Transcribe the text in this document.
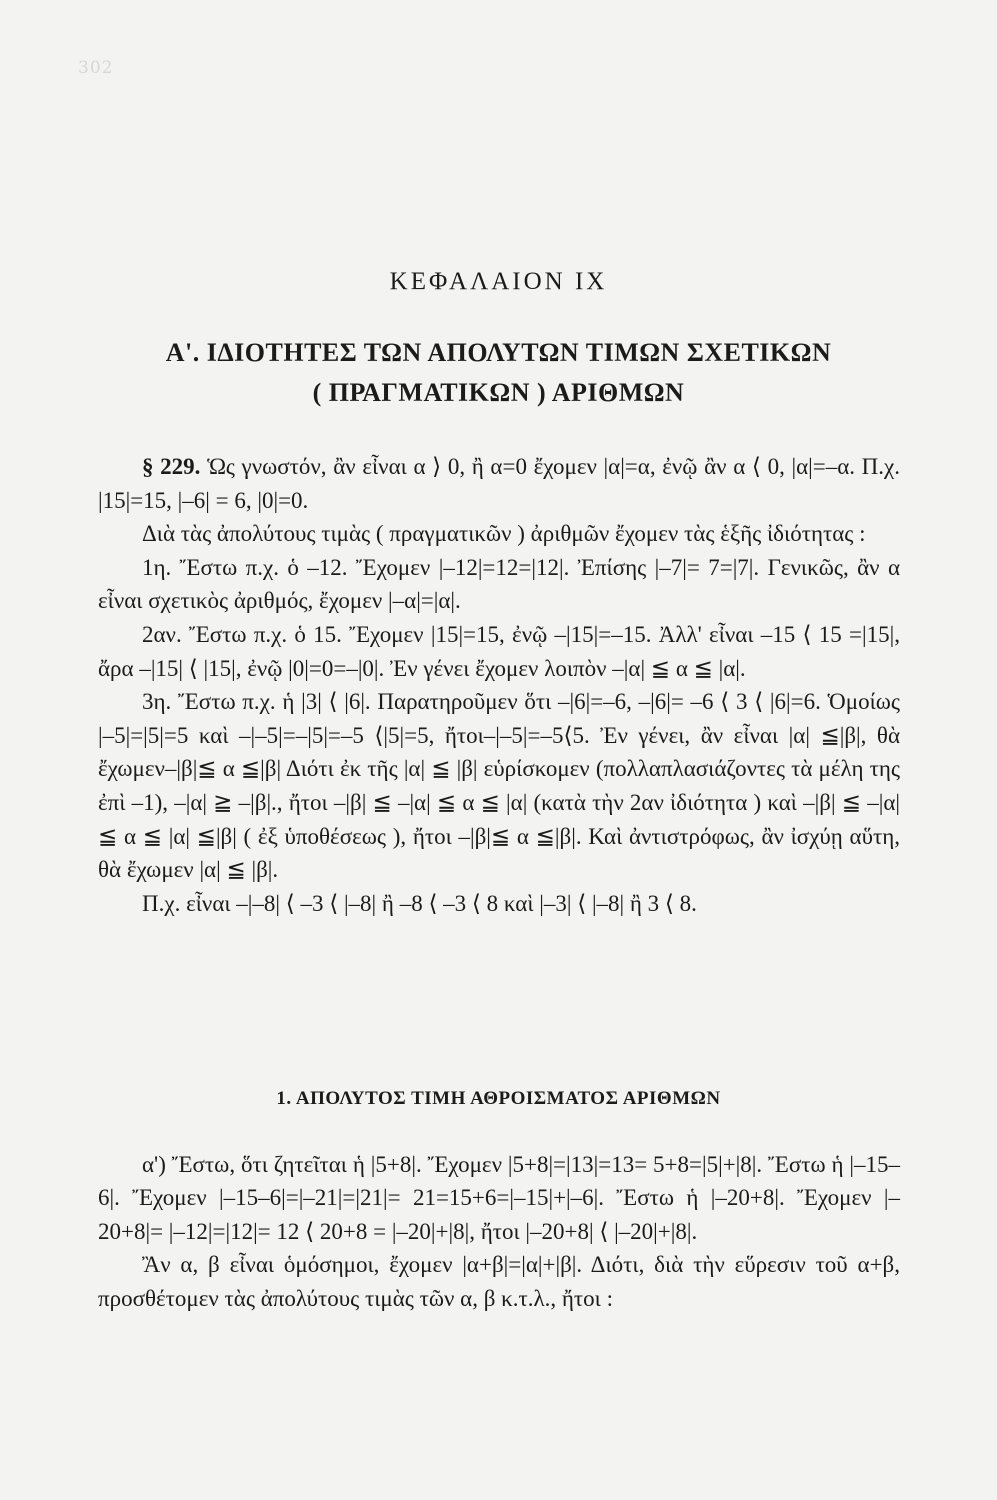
302
ΚΕΦΑΛΑΙΟΝ ΙΧ
Α'. ΙΔΙΟΤΗΤΕΣ ΤΩΝ ΑΠΟΛΥΤΩΝ ΤΙΜΩΝ ΣΧΕΤΙΚΩΝ
( ΠΡΑΓΜΑΤΙΚΩΝ ) ΑΡΙΘΜΩΝ

§ 229. Ὡς γνωστόν, ἂν εἶναι α ⟩ 0, ἢ α=0 ἔχομεν |α|=α, ἐνῷ ἂν α ⟨ 0, |α|=–α. Π.χ. |15|=15, |–6| = 6, |0|=0.

Διὰ τὰς ἀπολύτους τιμὰς ( πραγματικῶν ) ἀριθμῶν ἔχομεν τὰς ἑξῆς ἰδιότητας :

1η. Ἔστω π.χ. ὁ –12. Ἔχομεν |–12|=12=|12|. Ἐπίσης |–7|= 7=|7|. Γενικῶς, ἂν α εἶναι σχετικὸς ἀριθμός, ἔχομεν |–α|=|α|.

2αν. Ἔστω π.χ. ὁ 15. Ἔχομεν |15|=15, ἐνῷ –|15|=–15. Ἀλλ' εἶναι –15 ⟨ 15 =|15|, ἄρα –|15| ⟨ |15|, ἐνῷ |0|=0=–|0|. Ἐν γένει ἔχομεν λοιπὸν –|α| ≦ α ≦ |α|.

3η. Ἔστω π.χ. ἡ |3| ⟨ |6|. Παρατηροῦμεν ὅτι –|6|=–6, –|6|= –6 ⟨ 3 ⟨ |6|=6. Ὁμοίως |–5|=|5|=5 καὶ –|–5|=–|5|=–5 ⟨|5|=5, ἤτοι–|–5|=–5⟨5. Ἐν γένει, ἂν εἶναι |α| ≦|β|, θὰ ἔχωμεν–|β|≦ α ≦|β| Διότι ἐκ τῆς |α| ≦ |β| εὑρίσκομεν (πολλαπλασιάζοντες τὰ μέλη της ἐπὶ –1), –|α| ≧ –|β|., ἤτοι –|β| ≦ –|α| ≦ α ≦ |α| (κατὰ τὴν 2αν ἰδιότητα ) καὶ –|β| ≦ –|α| ≦ α ≦ |α| ≦|β| ( ἐξ ὑποθέσεως ), ἤτοι –|β|≦ α ≦|β|. Καὶ ἀντιστρόφως, ἂν ἰσχύῃ αὕτη, θὰ ἔχωμεν |α| ≦ |β|.

Π.χ. εἶναι –|–8| ⟨ –3 ⟨ |–8| ἢ –8 ⟨ –3 ⟨ 8 καὶ |–3| ⟨ |–8| ἢ 3 ⟨ 8.

1. ΑΠΟΛΥΤΟΣ ΤΙΜΗ ΑΘΡΟΙΣΜΑΤΟΣ ΑΡΙΘΜΩΝ

α') Ἔστω, ὅτι ζητεῖται ἡ |5+8|. Ἔχομεν |5+8|=|13|=13= 5+8=|5|+|8|. Ἔστω ἡ |–15–6|. Ἔχομεν |–15–6|=|–21|=|21|= 21=15+6=|–15|+|–6|. Ἔστω ἡ |–20+8|. Ἔχομεν |–20+8|= |–12|=|12|= 12 ⟨ 20+8 = |–20|+|8|, ἤτοι |–20+8| ⟨ |–20|+|8|.

Ἂν α, β εἶναι ὁμόσημοι, ἔχομεν |α+β|=|α|+|β|. Διότι, διὰ τὴν εὕρεσιν τοῦ α+β, προσθέτομεν τὰς ἀπολύτους τιμὰς τῶν α, β κ.τ.λ., ἤτοι :
